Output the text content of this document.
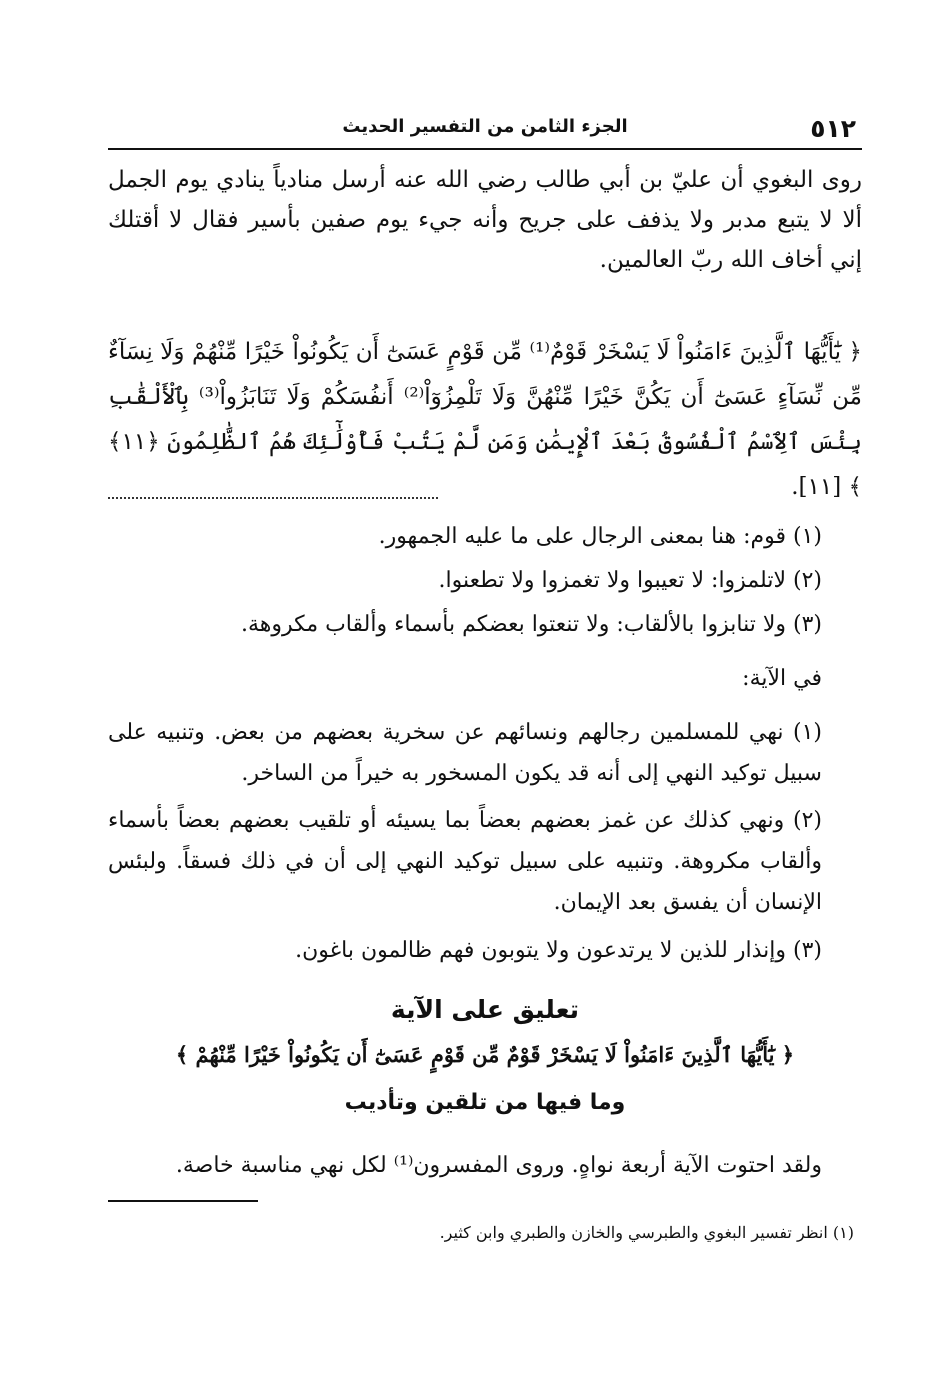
٥١٢
الجزء الثامن من التفسير الحديث
روى البغوي أن عليّ بن أبي طالب رضي الله عنه أرسل منادياً ينادي يوم الجمل ألا لا يتبع مدبر ولا يذفف على جريح وأنه جيء يوم صفين بأسير فقال لا أقتلك إني أخاف الله ربّ العالمين.
﴿ يَٰٓأَيُّهَا ٱلَّذِينَ ءَامَنُواْ لَا يَسْخَرْ قَوْمٌ⁽¹⁾ مِّن قَوْمٍ عَسَىٰٓ أَن يَكُونُواْ خَيْرًا مِّنْهُمْ وَلَا نِسَآءٌ مِّن نِّسَآءٍ عَسَىٰٓ أَن يَكُنَّ خَيْرًا مِّنْهُنَّ وَلَا تَلْمِزُوٓاْ⁽²⁾ أَنفُسَكُمْ وَلَا تَنَابَزُواْ⁽³⁾ بِٱلْأَلْقَٰبِ بِئْسَ ٱلِٱسْمُ ٱلْفُسُوقُ بَعْدَ ٱلْإِيمَٰنِ وَمَن لَّمْ يَتُبْ فَأُوْلَٰٓئِكَ هُمُ ٱلظَّٰلِمُونَ ﴿١١﴾ ﴾ [١١].
(١) قوم: هنا بمعنى الرجال على ما عليه الجمهور.
(٢) لاتلمزوا: لا تعيبوا ولا تغمزوا ولا تطعنوا.
(٣) ولا تنابزوا بالألقاب: ولا تنعتوا بعضكم بأسماء وألقاب مكروهة.
في الآية:
(١) نهي للمسلمين رجالهم ونسائهم عن سخرية بعضهم من بعض. وتنبيه على سبيل توكيد النهي إلى أنه قد يكون المسخور به خيراً من الساخر.
(٢) ونهي كذلك عن غمز بعضهم بعضاً بما يسيئه أو تلقيب بعضهم بعضاً بأسماء وألقاب مكروهة. وتنبيه على سبيل توكيد النهي إلى أن في ذلك فسقاً. ولبئس الإنسان أن يفسق بعد الإيمان.
(٣) وإنذار للذين لا يرتدعون ولا يتوبون فهم ظالمون باغون.
تعليق على الآية
﴿ يَٰٓأَيُّهَا ٱلَّذِينَ ءَامَنُواْ لَا يَسْخَرْ قَوْمٌ مِّن قَوْمٍ عَسَىٰٓ أَن يَكُونُواْ خَيْرًا مِّنْهُمْ ﴾
وما فيها من تلقين وتأديب
ولقد احتوت الآية أربعة نواهٍ. وروى المفسرون⁽¹⁾ لكل نهي مناسبة خاصة.
(١) انظر تفسير البغوي والطبرسي والخازن والطبري وابن كثير.
